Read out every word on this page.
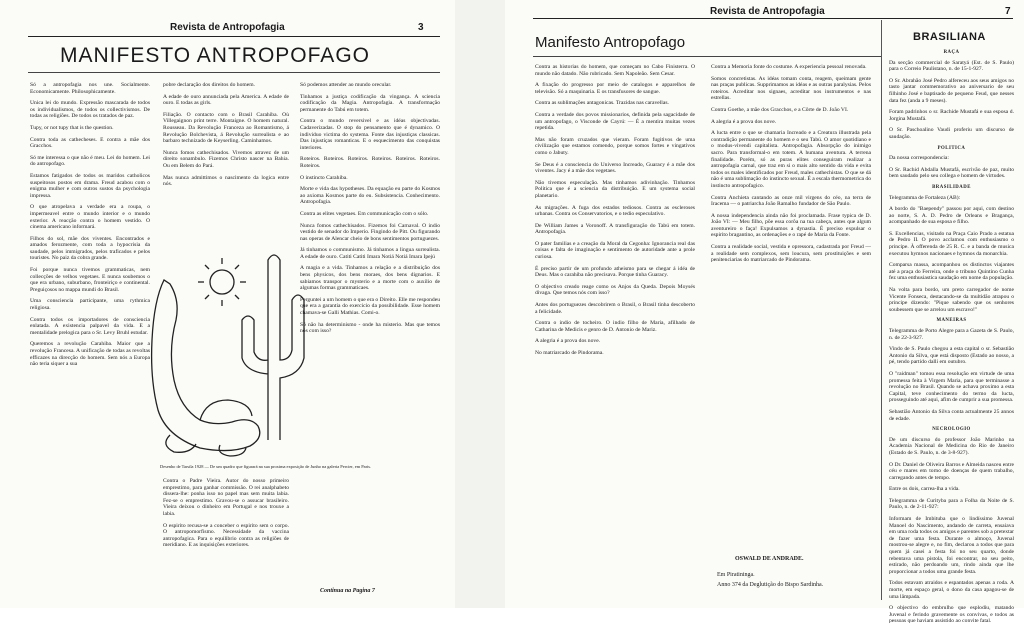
Revista de Antropofagia	3
MANIFESTO ANTROPOFAGO

Só a antropofagia nos une. Socialmente. Economicamente. Philosophicamente.

Unica lei do mundo. Expressão mascarada de todos os individualismos, de todos os collectivismos. De todas as religiões. De todos os tratados de paz.

Tupy, or not tupy that is the question.

Contra toda as cathecheses. E contra a mãe dos Gracchos.

Só me interessa o que não é meu. Lei do homem. Lei do antropofago.

Estamos fatigados de todos os maridos catholicos suspeitosos postos em drama. Freud acabou com o enigma mulher e com outros sustos da psychologia impressa.

O que atropelava a verdade era a roupa, o impermeavel entre o mundo interior e o mundo exterior. A reacção contra o homem vestido. O cinema americano informará.

Filhos do sol, mãe dos viventes. Encontrados e amados ferozmente, com toda a hypocrisia da saudade, pelos immigrados, pelos traficados e pelos touristes. No paiz da cobra grande.

Foi porque nunca tivemos grammaticas, nem collecções de velhos vegetaes. E nunca soubemos o que era urbano, suburbano, fronteiriço e continental. Preguiçosos no mappa mundi do Brasil.

Uma consciencia participante, uma rythmica religiosa.

Contra todos os importadores de consciencia enlatada. A existencia palpavel da vida. E a mentalidade prelogica para o Sr. Levy Bruhl estudar.

Queremos a revolução Carahiba. Maior que a revolução Francesa. A unificação de todas as revoltas efficazes na direcção do homem. Sem nós a Europa não teria siquer a sua

pobre declaração dos direitos do homem.

A edade de ouro annunciada pela America. A edade de ouro. E todas as girls.

Filiação. O contacto com o Brasil Carahiba. Où Villegaignon print terre. Montaigne. O homem natural. Rousseau. Da Revolução Franceza ao Romantismo, á Revolução Bolchevista, á Revolução surrealista e ao barbaro technizado de Keyserling. Caminhamos.

Nunca fomos cathechisados. Vivemos atravez de um direito sonambulo. Fizemos Christo nascer na Bahia. Ou em Belem do Pará.

Mas nunca admittimos o nascimento da logica entre nós.

Contra o Padre Vieira. Autor do nosso primeiro emprestimo, para ganhar commissão. O rei analphabeto dissera-lhe: ponha isso no papel mas sem muita labia. Fez-se o emprestimo. Gravou-se o assucar brasileiro. Vieira deixou o dinheiro em Portugal e nos trouxe a labia.

O espirito recusa-se a conceber o espirito sem o corpo. O antropomorfismo. Necessidade da vaccina antropofagica. Para o equilibrio contra as religiões de meridiano. E as inquisições exteriores.

Só podemos attender ao mundo orecular.

Tinhamos a justiça codificação da vingança. A sciencia codificação da Magia. Antropofagia. A transformação permanente do Tabú em totem.

Contra o mundo reversivel e as idéas objectivadas. Cadaverizadas. O stop do pensamento que é dynamico. O individuo victima do systema. Fonte das injustiças classicas. Das injustiças romanticas. E o esquecimento das conquistas interiores.

Roteiros. Roteiros. Roteiros. Roteiros. Roteiros. Roteiros. Roteiros.

O instincto Carahiba.

Morte e vida das hypotheses. Da equação eu parte do Kosmos ao axioma Kosmos parte do eu. Subsistencia. Conhecimento. Antropofagia.

Contra as elites vegetaes. Em communicação com o sólo.

Nunca fomos cathechisados. Fizemos foi Carnaval. O indio vestido de senador do Imperio. Fingindo de Pitt. Ou figurando nas operas de Alencar cheio de bons sentimentos portuguezes.

Já tinhamos o communismo. Já tinhamos a lingua surrealista. A edade de ouro. Catiti Catiti Imara Notiá Notiá Imara Ipejú

A magia e a vida. Tinhamos a relação e a distribuição dos bens physicos, dos bens moraes, dos bens dignarios. E sabiamos transpor o mysterio e a morte com o auxilio de algumas formas grammaticaes.

Perguntei a um homem o que era o Direito. Elle me respondeu que era a garantia do exercicio da possibilidade. Esse homem chamava-se Galli Mathias. Comi-o.

Só não ha determinismo - onde ha misterio. Mas que temos nós com isso?

Desenho de Tarsila 1928 — De um quadro que figurará na sua proxima exposição de Junho na galeria Percier, em Paris.
Continua na Pagina 7
Revista de Antropofagia	7
Manifesto Antropofago

Contra as historias do homem, que começam no Cabo Finisterra. O mundo não datado. Não rubricado. Sem Napoleão. Sem Cesar.

A fixação do progresso por meio de catalogos e apparelhos de televisão. Só a maquinaria. E os transfusores de sangue.

Contra as sublimações antagonicas. Trazidas nas caravellas.

Contra a verdade dos povos missionarios, definida pela sagacidade de um antropofago, o Visconde de Cayrú: — É a mentira muitas vezes repetida.

Mas não foram cruzados que vieram. Foram fugitivos de uma civilização que estamos comendo, porque somos fortes e vingativos como o Jabuty.

Se Deus é a consciencia do Universo Increado, Guaracy é a mãe dos viventes. Jacy é a mãe dos vegetaes.

Não tivemos especulação. Mas tinhamos adivinhação. Tinhamos Politica que é a sciencia da distribuição. E um systema social planetario.

As migrações. A fuga dos estados tediosos. Contra as escleroses urbanas. Contra os Conservatorios, e o tedio especulativo.

De William James a Voronoff. A transfiguração do Tabú em totem. Antropofagia.

O pater familias e a creação da Moral da Cegonha: Ignorancia real das coisas e falta de imaginação e sentimento de autoridade ante a prole curiosa.

É preciso partir de um profundo atheismo para se chegar á idéa de Deus. Mas o carahiba não precisava. Porque tinha Guaracy.

O objectivo creado reage como os Anjos da Queda. Depois Moysés divaga. Que temos nós com isso?

Antes dos portuguezes descobrirem o Brasil, o Brasil tinha descoberto a felicidade.

Contra o indio de tocheiro. O indio filho de Maria, afilhado de Catharina de Medicis e genro de D. Antonio de Mariz.

A alegria é a prova dos nove.

No matriarcado de Pindorama.

Contra a Memoria fonte do costume. A experiencia pessoal renovada.

Somos concretistas. As idéas tomam conta, reagem, queimam gente nas praças publicas. Supprimamos as idéas e as outras paralysias. Pelos roteiros. Acreditar nos signaes, acreditar nos instrumentos e nas estrellas.

Contra Goethe, a mãe dos Gracchos, e a Côrte de D. João VI.

A alegria é a prova dos nove.

A lucta entre o que se chamaria Increado e a Creatura illustrada pela contradição permanente do homem e o seu Tabú. O amor quotidiano e o modus-vivendi capitalista. Antropofagia. Absorpção do inimigo sacro. Para transformal-o em totem. A humana aventura. A terrena finalidade. Porém, só as puras elites conseguiram realizar a antropofagia carnal, que traz em si o mais alto sentido da vida e evita todos os males identificados por Freud, males cathechistas. O que se dá não é uma sublimação do instincto sexual. É a escala thermometrica do instincto antropofagico.

Contra Anchieta cantando as onze mil virgens do céo, na terra de Iracema — o patriarcha João Ramalho fundador de São Paulo.

A nossa independencia ainda não foi proclamada. Frase typica de D. João VI: — Meu filho, põe essa corôa na tua cabeça, antes que algum aventureiro o faça! Expulsamos a dynastia. É preciso expulsar o espirito bragantino, as ordenações e o rapé de Maria da Fonte.

Contra a realidade social, vestida e opressora, cadastrada por Freud — a realidade sem complexos, sem loucura, sem prostituições e sem penitenciarias do matriarcado de Pindorama.

OSWALD DE ANDRADE.
Em Piratininga.
Anno 374 da Deglutição do Bispo Sardinha.
BRASILIANA
RAÇA

Da secção commercial de Saratyá (Est. de S. Paulo) para o Correio Paulistano, n. de 15-1-927.

O Sr. Abrahão José Pedro alfereceu aos seus amigos no tasto jantar commemorativo ao aniversario de seu filhinho José e baptisado de pequeno Feud, que nesses data fez (anda a 9 meses).

Foram padrinhos o sr. Rachide Mustafá e sua esposa d. Jorgina Mustafá.

O Sr. Paschoalino Vaudi proferiu um discurso de saudação.

POLITICA

Da nossa correspondencia:

O Sr. Rachid Abdalla Mustafá, escrivão de paz, muito bem saudado pelo seu collega e homem de virtudes.

BRASILIDADE

Telegramma de Fortaleza (AB):

A bordo do "Baependy" passou por aqui, com destino ao norte, S. A. D. Pedro de Orleans e Bragança, acompanhado de sua esposa e filho.

S. Excellencias, visitado na Praça Caio Prado a estatua de Pedro II. O povo acclamou com enthusiasmo o principe. À offerenda de 25 R. C. e a banda de musica executou hymnos nacionaes e hymnos da monarchia.

Comparsa massa, acompanhou os distinctos viajantes até a praça do Ferreira, onde o tribuno Quintino Cunha fez uma enthusiastica saudação em nome da população.

Na volta para bordo, um preto carregador de nome Vicente Fonseca, destacando-se da multidão atrapou o principe dizendo: "Pique sabendo que os senhores soubessem que se arrelou um escravo!"

MANEIRAS

Telegramma de Porto Alegre para a Gazeta de S. Paulo, n. de 22-3-927.

Vindo de S. Paulo chegou a esta capital o sr. Sebastião Antonio da Silva, que está disposto (Estado ao nosso, a pé, tendo partido dalli em outubro.

O "raidman" tomou essa resolução em virtude de uma promessa feita à Virgem Maria, para que terminasse a revolução no Brasil. Quando se achava proximo a esta Capital, teve conhecimento do termo da lucta, prosseguindo até aqui, afim de cumprir a sua promessa.

Sebastião Antonio da Silva conta actualmente 25 annos de edade.

NECROLOGIO

De um discurso do professor João Marinho na Academia Nacional de Medicina do Rio de Janeiro (Estado de S. Paulo, n. de 3-8-927).

O Dr. Daniel de Oliveira Barros e Almeida nasceu entre céu e mares em torno de doenças de quem trabalho, carregando antes de tempo.

Entre os dois, carrea-lha a vida.

Telegramma de Curityba para a Folha da Noite de S. Paulo, n. de 2-11-927:

Informam de Imbituba que o lindíssimo Juvenal Manoel do Nascimento, andando de carreta, ensaiava em uma roda todos os amigos e parentes sob a pretextar de fazer uma festa. Durante o almoço, Juvenal mostrou-se alegre e, no fim, declarou a todos que para quem já casei a festa foi no seu quarto, donde rebentava uma pistola, foi encontrar, no seu peito, estirado, não perdoando um, rindo ainda que lhe proporcionar a todos uma grande festa.

Todos estavam atraidos e espantados apenas a roda. A morte, em espaço geral, o dono da casa apagou-se de uma lâmpada.

O objectivo do embrulho que esplodiu, matando Juvenal e ferindo gravemente os convivas, e todos as pessoas que haviam assistido ao convite fatal.
